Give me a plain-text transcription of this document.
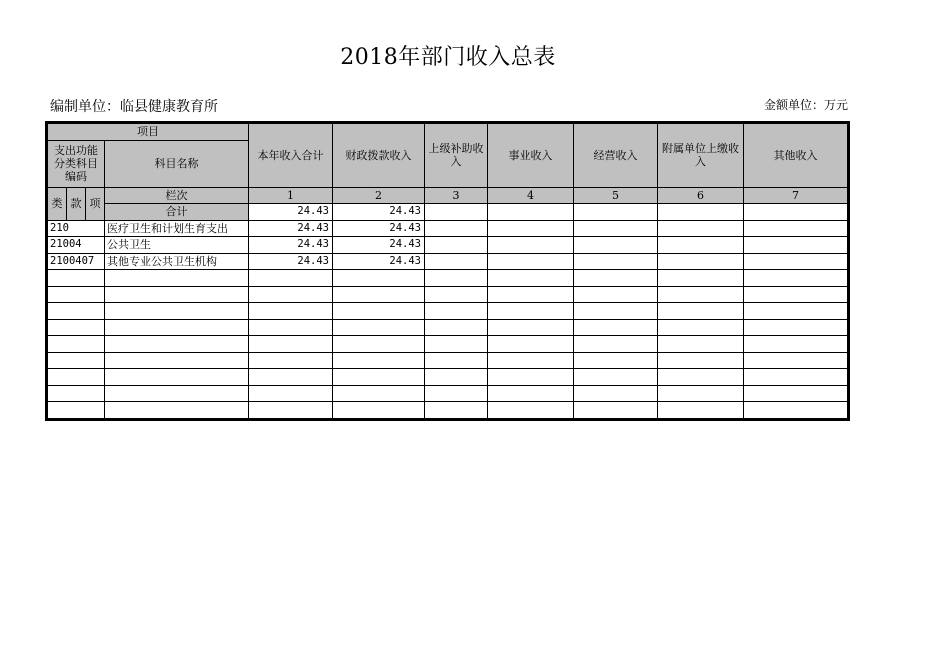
2018年部门收入总表
编制单位：临县健康教育所	金额单位：万元
项目				本年收入合计	财政拨款收入	上级补助收入	事业收入	经营收入	附属单位上缴收入	其他收入
支出功能分类科目编码			科目名称							

类	款	项	栏次	1	2	3	4	5	6	7
			合计	24.43	24.43					
210			医疗卫生和计划生育支出	24.43	24.43					
21004			公共卫生	24.43	24.43					
2100407			其他专业公共卫生机构	24.43	24.43					
